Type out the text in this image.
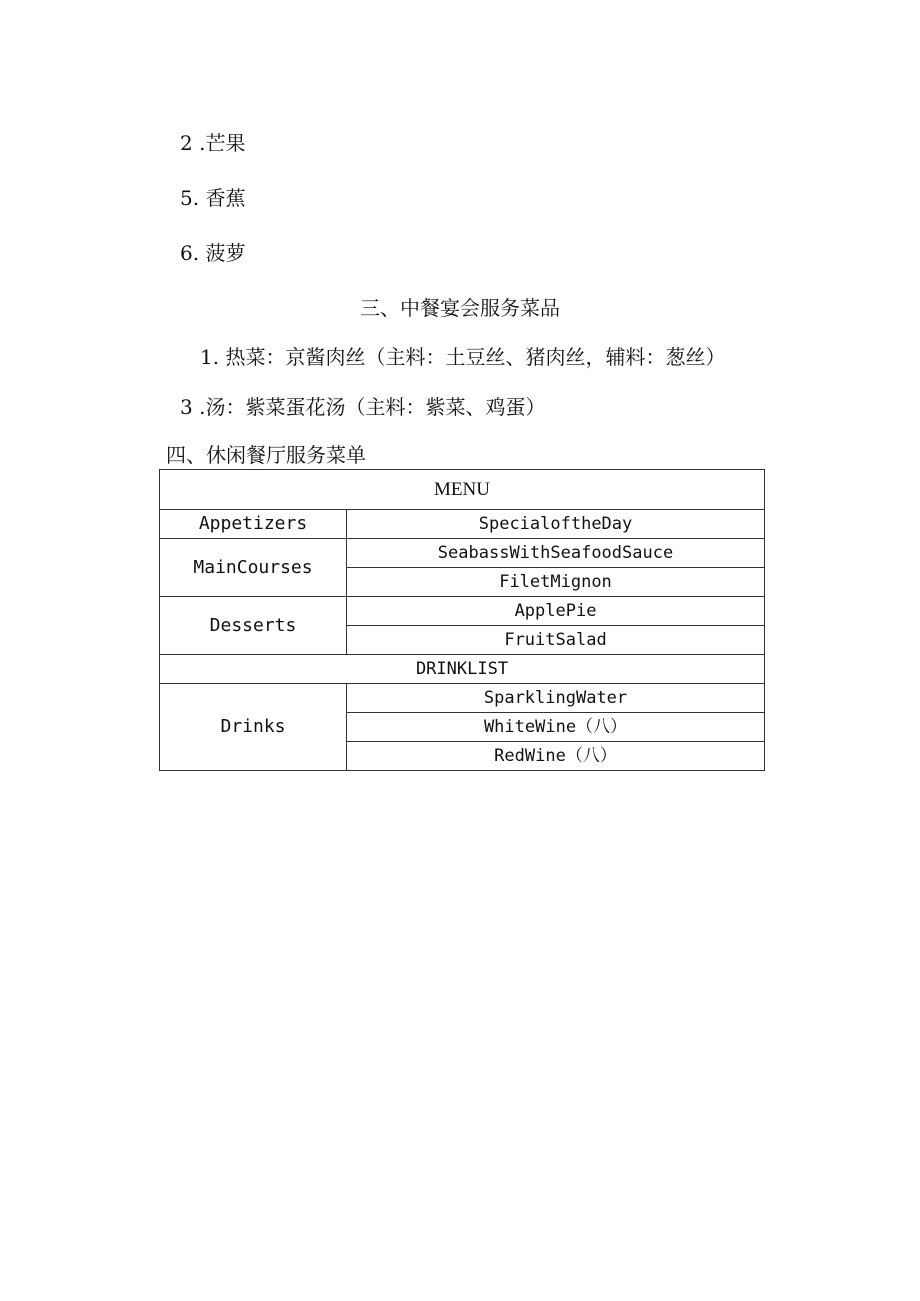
2 .芒果
5. 香蕉
6. 菠萝
三、中餐宴会服务菜品
1. 热菜：京酱肉丝（主料：土豆丝、猪肉丝，辅料：葱丝）
3 .汤：紫菜蛋花汤（主料：紫菜、鸡蛋）
四、休闲餐厅服务菜单
MENU	
Appetizers	SpecialoftheDay
MainCourses	SeabassWithSeafoodSauce
	FiletMignon
Desserts	ApplePie
	FruitSalad
DRINKLIST	
Drinks	SparklingWater
	WhiteWine（八）
	RedWine（八）
